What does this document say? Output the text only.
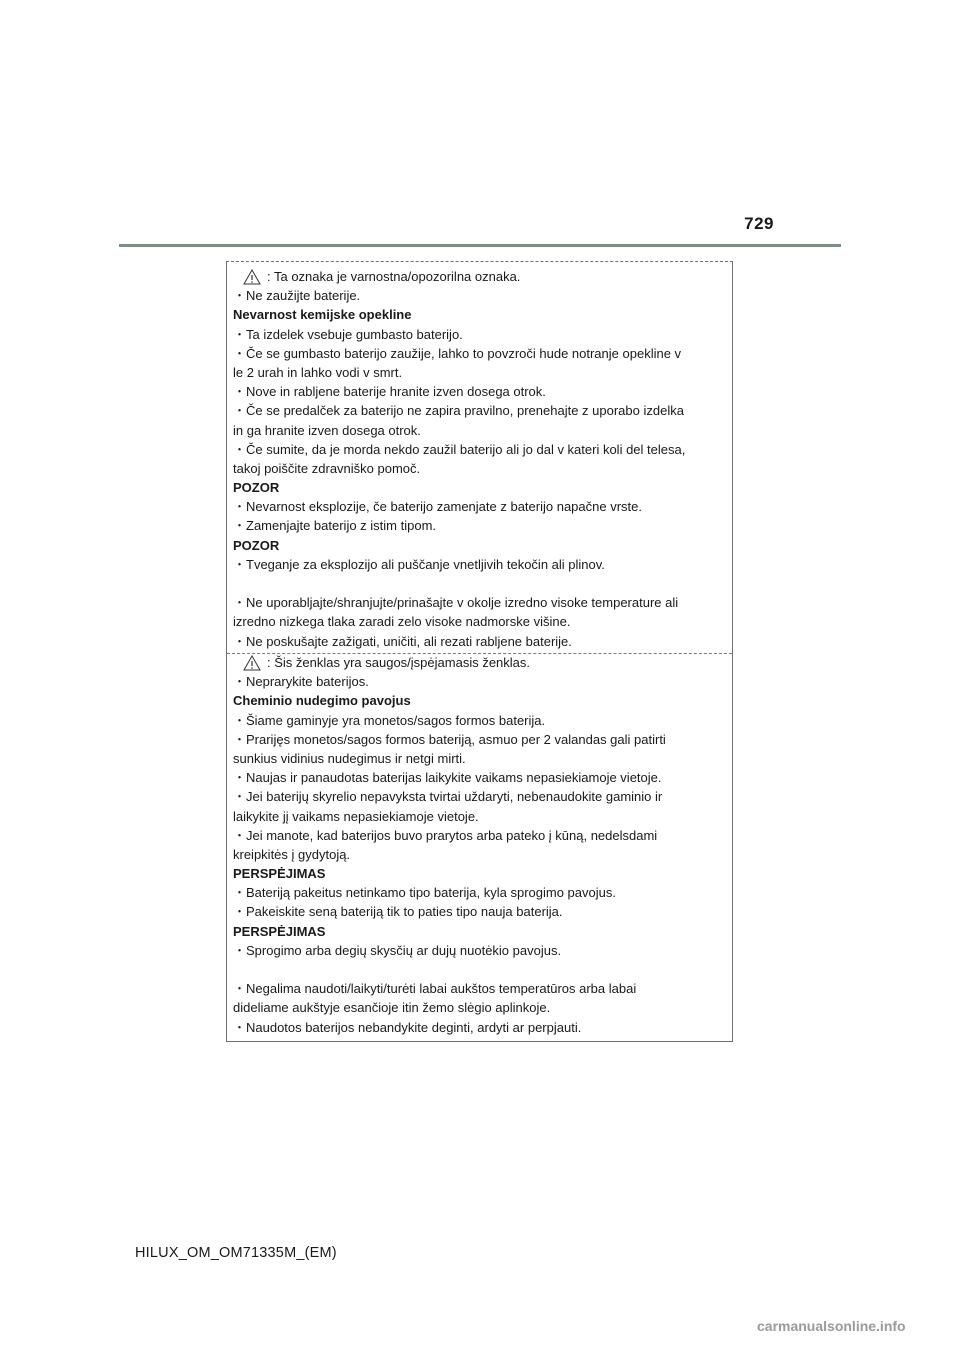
729
: Ta oznaka je varnostna/opozorilna oznaka.
・Ne zaužijte baterije.
Nevarnost kemijske opekline
・Ta izdelek vsebuje gumbasto baterijo.
・Če se gumbasto baterijo zaužije, lahko to povzroči hude notranje opekline v
le 2 urah in lahko vodi v smrt.
・Nove in rabljene baterije hranite izven dosega otrok.
・Če se predalček za baterijo ne zapira pravilno, prenehajte z uporabo izdelka
in ga hranite izven dosega otrok.
・Če sumite, da je morda nekdo zaužil baterijo ali jo dal v kateri koli del telesa,
takoj poiščite zdravniško pomoč.
POZOR
・Nevarnost eksplozije, če baterijo zamenjate z baterijo napačne vrste.
・Zamenjajte baterijo z istim tipom.
POZOR
・Tveganje za eksplozijo ali puščanje vnetljivih tekočin ali plinov.
・Ne uporabljajte/shranjujte/prinašajte v okolje izredno visoke temperature ali
izredno nizkega tlaka zaradi zelo visoke nadmorske višine.
・Ne poskušajte zažigati, uničiti, ali rezati rabljene baterije.
: Šis ženklas yra saugos/įspėjamasis ženklas.
・Neprarykite baterijos.
Cheminio nudegimo pavojus
・Šiame gaminyje yra monetos/sagos formos baterija.
・Prarijęs monetos/sagos formos bateriją, asmuo per 2 valandas gali patirti
sunkius vidinius nudegimus ir netgi mirti.
・Naujas ir panaudotas baterijas laikykite vaikams nepasiekiamoje vietoje.
・Jei baterijų skyrelio nepavyksta tvirtai uždaryti, nebenaudokite gaminio ir
laikykite jį vaikams nepasiekiamoje vietoje.
・Jei manote, kad baterijos buvo prarytos arba pateko į kūną, nedelsdami
kreipkitės į gydytoją.
PERSPĖJIMAS
・Bateriją pakeitus netinkamo tipo baterija, kyla sprogimo pavojus.
・Pakeiskite seną bateriją tik to paties tipo nauja baterija.
PERSPĖJIMAS
・Sprogimo arba degių skysčių ar dujų nuotėkio pavojus.
・Negalima naudoti/laikyti/turėti labai aukštos temperatūros arba labai
dideliame aukštyje esančioje itin žemo slėgio aplinkoje.
・Naudotos baterijos nebandykite deginti, ardyti ar perpjauti.
HILUX_OM_OM71335M_(EM)
carmanualsonline.info
